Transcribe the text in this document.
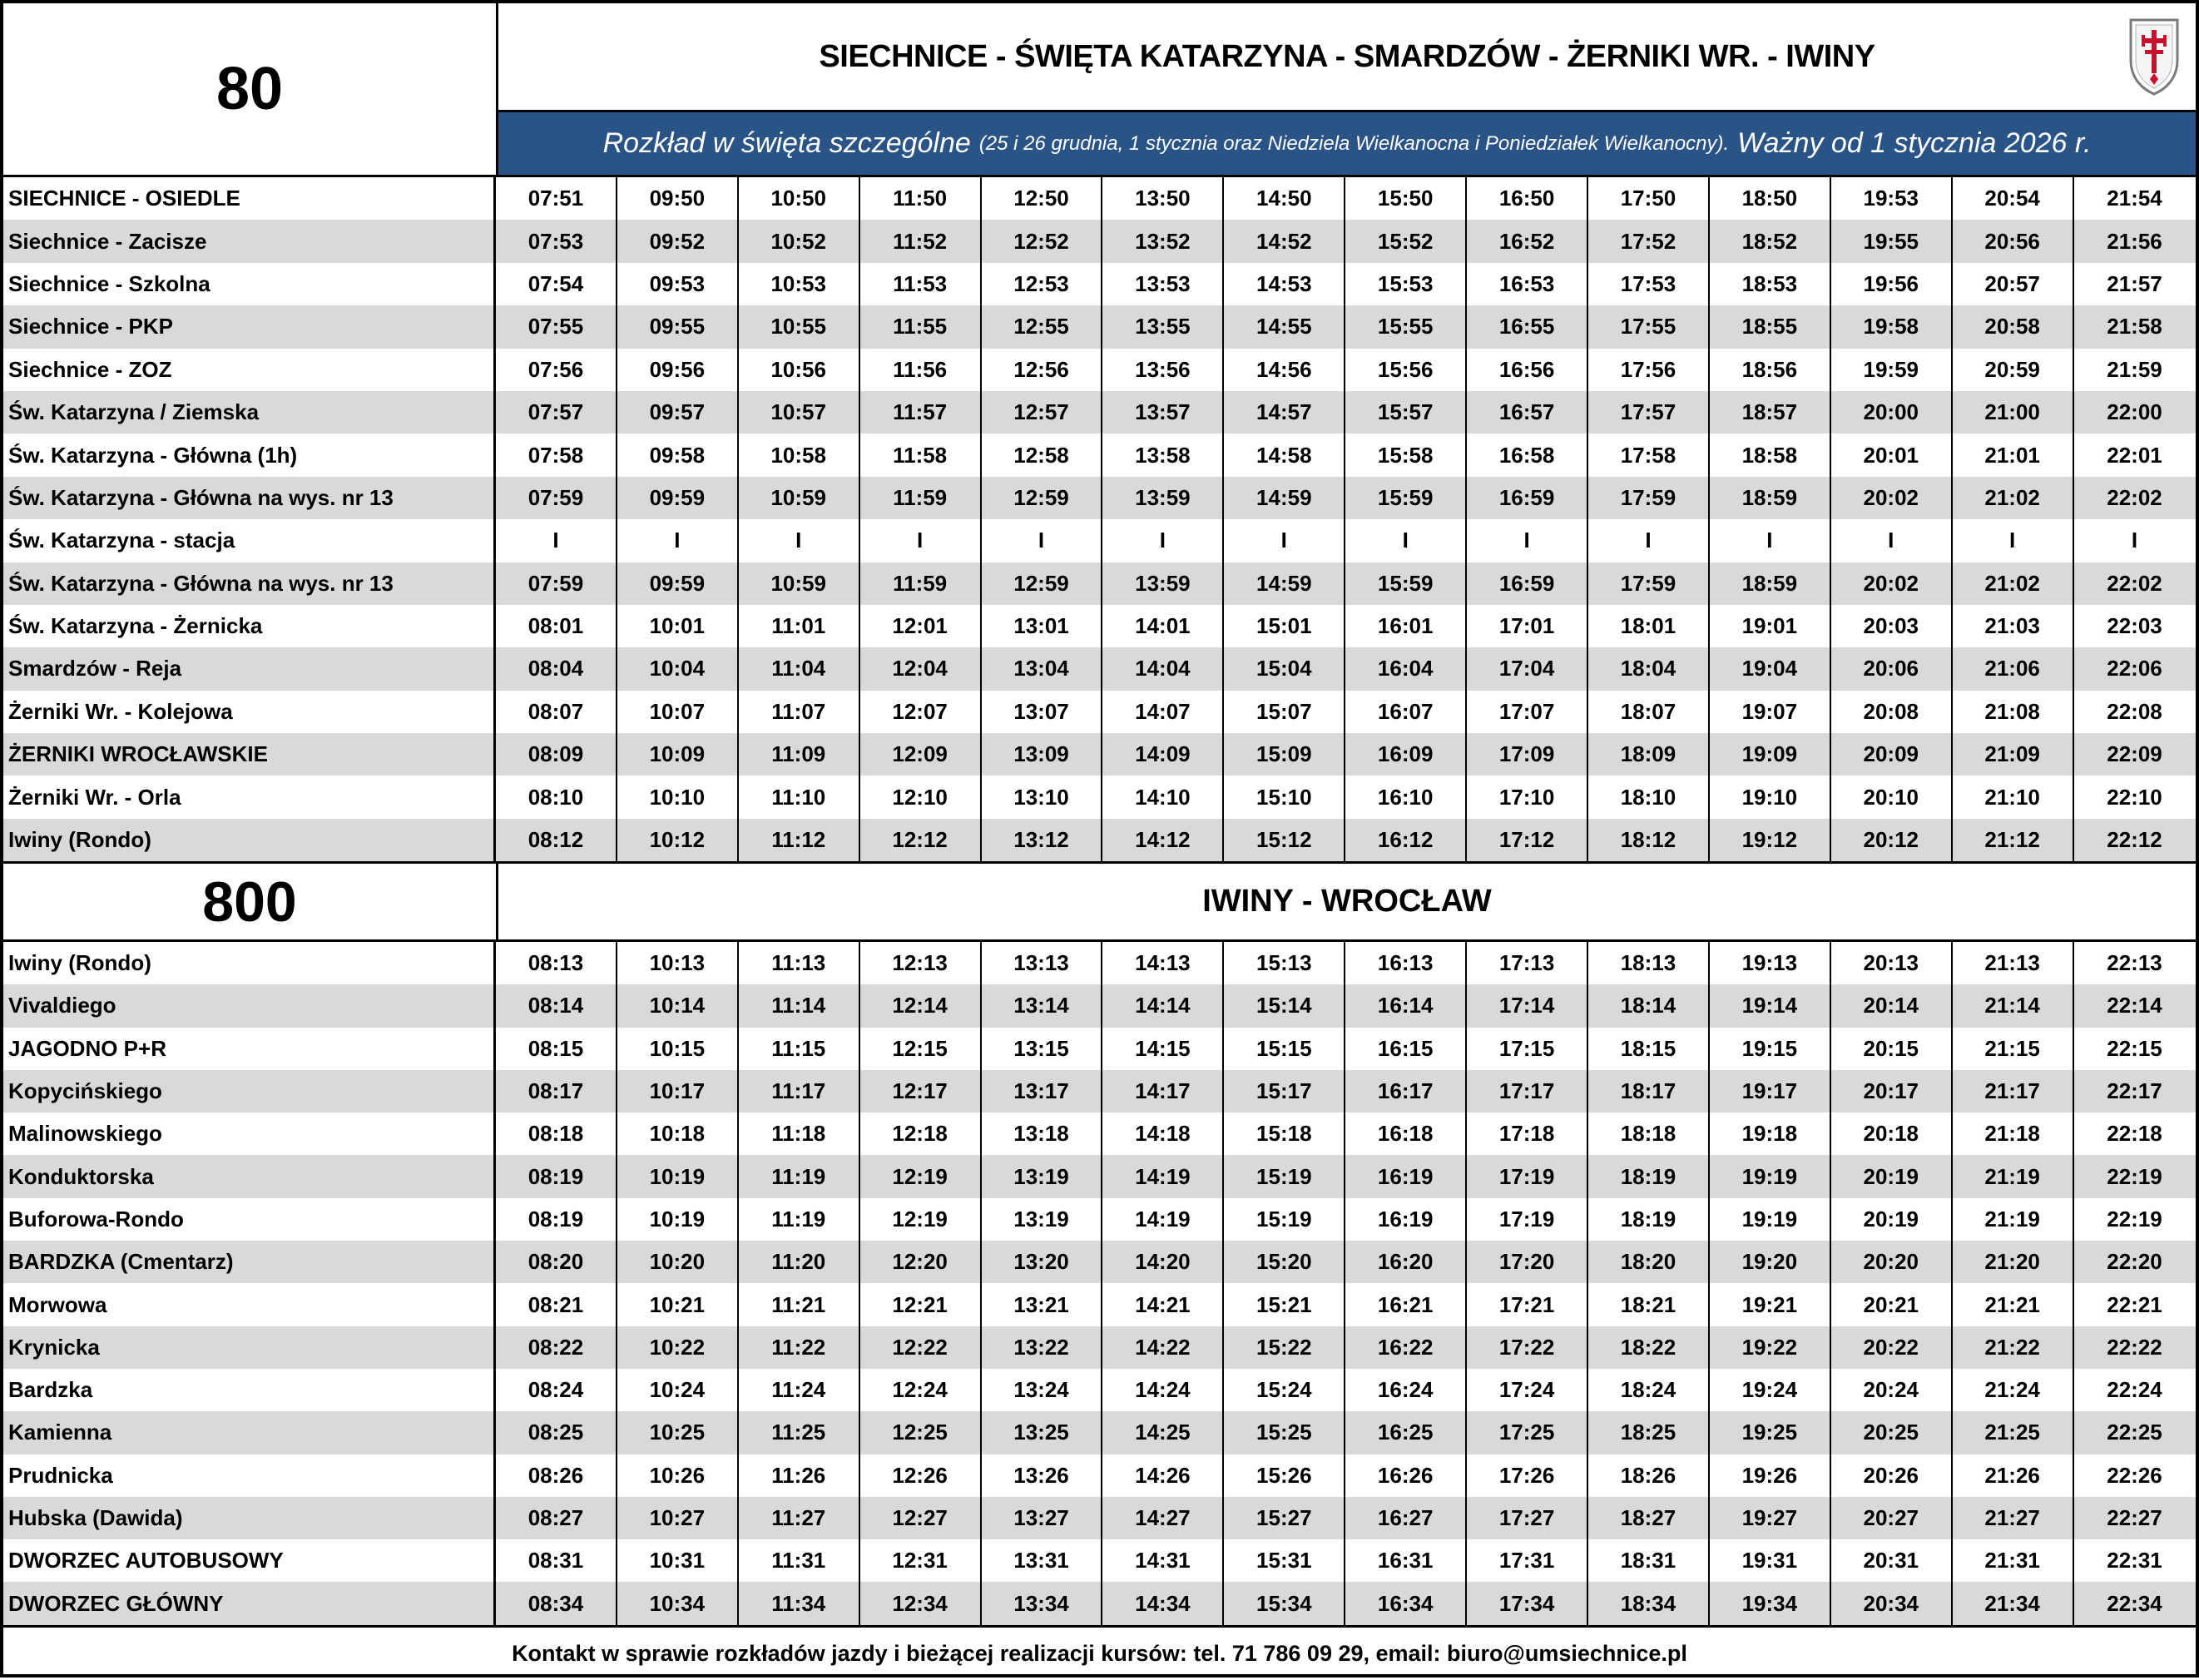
80	SIECHNICE - ŚWIĘTA KATARZYNA - SMARDZÓW - ŻERNIKI WR. - IWINY
Rozkład w święta szczególne (25 i 26 grudnia, 1 stycznia oraz Niedziela Wielkanocna i Poniedziałek Wielkanocny). Ważny od 1 stycznia 2026 r.
SIECHNICE - OSIEDLE	07:51	09:50	10:50	11:50	12:50	13:50	14:50	15:50	16:50	17:50	18:50	19:53	20:54	21:54
Siechnice - Zacisze	07:53	09:52	10:52	11:52	12:52	13:52	14:52	15:52	16:52	17:52	18:52	19:55	20:56	21:56
Siechnice - Szkolna	07:54	09:53	10:53	11:53	12:53	13:53	14:53	15:53	16:53	17:53	18:53	19:56	20:57	21:57
Siechnice - PKP	07:55	09:55	10:55	11:55	12:55	13:55	14:55	15:55	16:55	17:55	18:55	19:58	20:58	21:58
Siechnice - ZOZ	07:56	09:56	10:56	11:56	12:56	13:56	14:56	15:56	16:56	17:56	18:56	19:59	20:59	21:59
Św. Katarzyna / Ziemska	07:57	09:57	10:57	11:57	12:57	13:57	14:57	15:57	16:57	17:57	18:57	20:00	21:00	22:00
Św. Katarzyna - Główna (1h)	07:58	09:58	10:58	11:58	12:58	13:58	14:58	15:58	16:58	17:58	18:58	20:01	21:01	22:01
Św. Katarzyna - Główna na wys. nr 13	07:59	09:59	10:59	11:59	12:59	13:59	14:59	15:59	16:59	17:59	18:59	20:02	21:02	22:02
Św. Katarzyna - stacja	I	I	I	I	I	I	I	I	I	I	I	I	I	I
Św. Katarzyna - Główna na wys. nr 13	07:59	09:59	10:59	11:59	12:59	13:59	14:59	15:59	16:59	17:59	18:59	20:02	21:02	22:02
Św. Katarzyna - Żernicka	08:01	10:01	11:01	12:01	13:01	14:01	15:01	16:01	17:01	18:01	19:01	20:03	21:03	22:03
Smardzów - Reja	08:04	10:04	11:04	12:04	13:04	14:04	15:04	16:04	17:04	18:04	19:04	20:06	21:06	22:06
Żerniki Wr. - Kolejowa	08:07	10:07	11:07	12:07	13:07	14:07	15:07	16:07	17:07	18:07	19:07	20:08	21:08	22:08
ŻERNIKI WROCŁAWSKIE	08:09	10:09	11:09	12:09	13:09	14:09	15:09	16:09	17:09	18:09	19:09	20:09	21:09	22:09
Żerniki Wr. - Orla	08:10	10:10	11:10	12:10	13:10	14:10	15:10	16:10	17:10	18:10	19:10	20:10	21:10	22:10
Iwiny (Rondo)	08:12	10:12	11:12	12:12	13:12	14:12	15:12	16:12	17:12	18:12	19:12	20:12	21:12	22:12
800	IWINY - WROCŁAW
Iwiny (Rondo)	08:13	10:13	11:13	12:13	13:13	14:13	15:13	16:13	17:13	18:13	19:13	20:13	21:13	22:13
Vivaldiego	08:14	10:14	11:14	12:14	13:14	14:14	15:14	16:14	17:14	18:14	19:14	20:14	21:14	22:14
JAGODNO P+R	08:15	10:15	11:15	12:15	13:15	14:15	15:15	16:15	17:15	18:15	19:15	20:15	21:15	22:15
Kopycińskiego	08:17	10:17	11:17	12:17	13:17	14:17	15:17	16:17	17:17	18:17	19:17	20:17	21:17	22:17
Malinowskiego	08:18	10:18	11:18	12:18	13:18	14:18	15:18	16:18	17:18	18:18	19:18	20:18	21:18	22:18
Konduktorska	08:19	10:19	11:19	12:19	13:19	14:19	15:19	16:19	17:19	18:19	19:19	20:19	21:19	22:19
Buforowa-Rondo	08:19	10:19	11:19	12:19	13:19	14:19	15:19	16:19	17:19	18:19	19:19	20:19	21:19	22:19
BARDZKA (Cmentarz)	08:20	10:20	11:20	12:20	13:20	14:20	15:20	16:20	17:20	18:20	19:20	20:20	21:20	22:20
Morwowa	08:21	10:21	11:21	12:21	13:21	14:21	15:21	16:21	17:21	18:21	19:21	20:21	21:21	22:21
Krynicka	08:22	10:22	11:22	12:22	13:22	14:22	15:22	16:22	17:22	18:22	19:22	20:22	21:22	22:22
Bardzka	08:24	10:24	11:24	12:24	13:24	14:24	15:24	16:24	17:24	18:24	19:24	20:24	21:24	22:24
Kamienna	08:25	10:25	11:25	12:25	13:25	14:25	15:25	16:25	17:25	18:25	19:25	20:25	21:25	22:25
Prudnicka	08:26	10:26	11:26	12:26	13:26	14:26	15:26	16:26	17:26	18:26	19:26	20:26	21:26	22:26
Hubska (Dawida)	08:27	10:27	11:27	12:27	13:27	14:27	15:27	16:27	17:27	18:27	19:27	20:27	21:27	22:27
DWORZEC AUTOBUSOWY	08:31	10:31	11:31	12:31	13:31	14:31	15:31	16:31	17:31	18:31	19:31	20:31	21:31	22:31
DWORZEC GŁÓWNY	08:34	10:34	11:34	12:34	13:34	14:34	15:34	16:34	17:34	18:34	19:34	20:34	21:34	22:34
Kontakt w sprawie rozkładów jazdy i bieżącej realizacji kursów: tel. 71 786 09 29, email: biuro@umsiechnice.pl
